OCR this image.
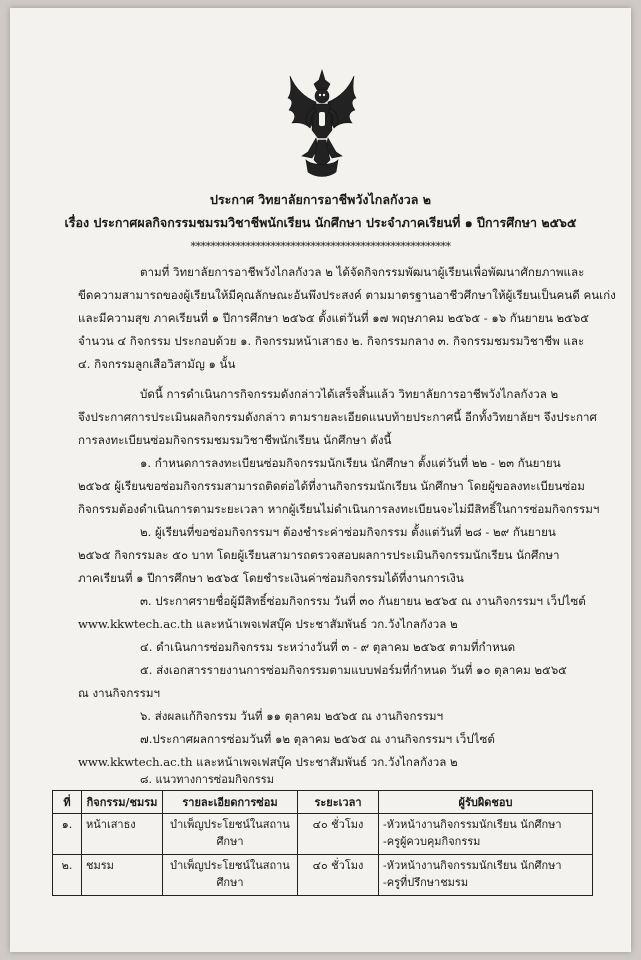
ประกาศ วิทยาลัยการอาชีพวังไกลกังวล ๒
เรื่อง ประกาศผลกิจกรรมชมรมวิชาชีพนักเรียน นักศึกษา ประจำภาคเรียนที่ ๑ ปีการศึกษา ๒๕๖๕
****************************************************
ตามที่ วิทยาลัยการอาชีพวังไกลกังวล ๒ ได้จัดกิจกรรมพัฒนาผู้เรียนเพื่อพัฒนาศักยภาพและ
ขีดความสามารถของผู้เรียนให้มีคุณลักษณะอันพึงประสงค์ ตามมาตรฐานอาชีวศึกษาให้ผู้เรียนเป็นคนดี คนเก่ง
และมีความสุข ภาคเรียนที่ ๑ ปีการศึกษา ๒๕๖๕ ตั้งแต่วันที่ ๑๗ พฤษภาคม ๒๕๖๕ - ๑๖ กันยายน ๒๕๖๕
จำนวน ๔ กิจกรรม ประกอบด้วย ๑. กิจกรรมหน้าเสาธง ๒. กิจกรรมกลาง ๓. กิจกรรมชมรมวิชาชีพ และ
๔. กิจกรรมลูกเสือวิสามัญ ๑ นั้น
บัดนี้ การดำเนินการกิจกรรมดังกล่าวได้เสร็จสิ้นแล้ว วิทยาลัยการอาชีพวังไกลกังวล ๒
จึงประกาศการประเมินผลกิจกรรมดังกล่าว ตามรายละเอียดแนบท้ายประกาศนี้ อีกทั้งวิทยาลัยฯ จึงประกาศ
การลงทะเบียนซ่อมกิจกรรมชมรมวิชาชีพนักเรียน นักศึกษา ดังนี้
๑. กำหนดการลงทะเบียนซ่อมกิจกรรมนักเรียน นักศึกษา ตั้งแต่วันที่ ๒๒ - ๒๓ กันยายน
๒๕๖๕ ผู้เรียนขอซ่อมกิจกรรมสามารถติดต่อได้ที่งานกิจกรรมนักเรียน นักศึกษา โดยผู้ขอลงทะเบียนซ่อม
กิจกรรมต้องดำเนินการตามระยะเวลา หากผู้เรียนไม่ดำเนินการลงทะเบียนจะไม่มีสิทธิ์ในการซ่อมกิจกรรมฯ
๒. ผู้เรียนที่ขอซ่อมกิจกรรมฯ ต้องชำระค่าซ่อมกิจกรรม ตั้งแต่วันที่ ๒๘ - ๒๙ กันยายน
๒๕๖๕ กิจกรรมละ ๕๐ บาท โดยผู้เรียนสามารถตรวจสอบผลการประเมินกิจกรรมนักเรียน นักศึกษา
ภาคเรียนที่ ๑ ปีการศึกษา ๒๕๖๕ โดยชำระเงินค่าซ่อมกิจกรรมได้ที่งานการเงิน
๓. ประกาศรายชื่อผู้มีสิทธิ์ซ่อมกิจกรรม วันที่ ๓๐ กันยายน ๒๕๖๕ ณ งานกิจกรรมฯ เว็ปไซต์
www.kkwtech.ac.th และหน้าเพจเฟสบุ๊ค ประชาสัมพันธ์ วก.วังไกลกังวล ๒
๔. ดำเนินการซ่อมกิจกรรม ระหว่างวันที่ ๓ - ๙ ตุลาคม ๒๕๖๕ ตามที่กำหนด
๕. ส่งเอกสารรายงานการซ่อมกิจกรรมตามแบบฟอร์มที่กำหนด วันที่ ๑๐ ตุลาคม ๒๕๖๕
ณ งานกิจกรรมฯ
๖. ส่งผลแก้กิจกรรม วันที่ ๑๑ ตุลาคม ๒๕๖๕ ณ งานกิจกรรมฯ
๗.ประกาศผลการซ่อมวันที่ ๑๒ ตุลาคม ๒๕๖๕ ณ งานกิจกรรมฯ เว็ปไซต์
ที่	กิจกรรม/ชมรม	รายละเอียดการซ่อม	ระยะเวลา	ผู้รับผิดชอบ
๑.	หน้าเสาธง	บำเพ็ญประโยชน์ในสถานศึกษา	๔๐ ชั่วโมง	-หัวหน้างานกิจกรรมนักเรียน นักศึกษา
-ครูผู้ควบคุมกิจกรรม

๒.	ชมรม	บำเพ็ญประโยชน์ในสถานศึกษา	๔๐ ชั่วโมง	-หัวหน้างานกิจกรรมนักเรียน นักศึกษา
-ครูที่ปรึกษาชมรม
www.kkwtech.ac.th และหน้าเพจเฟสบุ๊ค ประชาสัมพันธ์ วก.วังไกลกังวล ๒
๘. แนวทางการซ่อมกิจกรรม
